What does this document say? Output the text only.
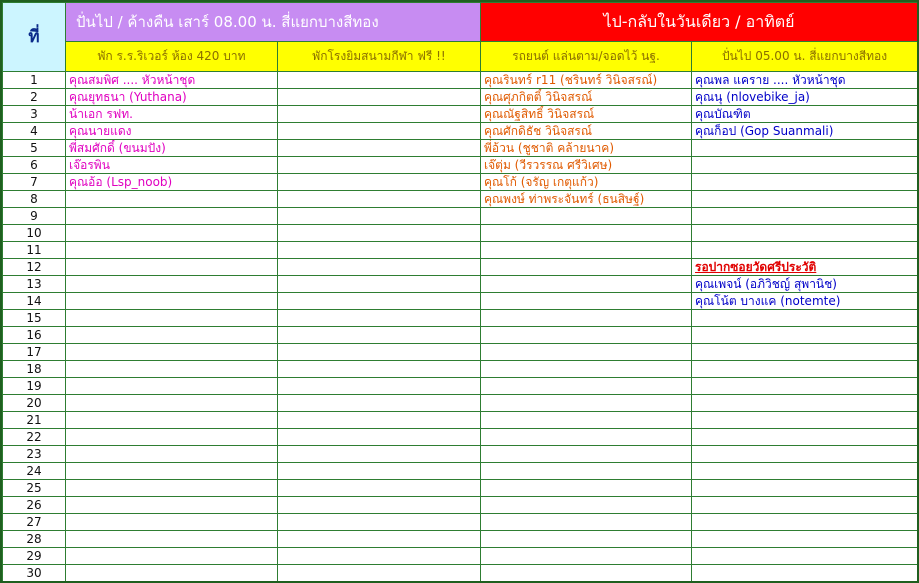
ที่	ปั่นไป / ค้างคืน เสาร์ 08.00 น. สี่แยกบางสีทอง		ไป-กลับในวันเดียว / อาทิตย์	
	พัก ร.ร.ริเวอร์ ห้อง 420 บาท	พักโรงยิมสนามกีฬา ฟรี !!	รถยนต์ แล่นตาม/จอดไว้ นฐ.	ปั่นไป 05.00 น. สี่แยกบางสีทอง
1	คุณสมพิศ .... หัวหน้าชุด		คุณรินทร์ r11 (ชรินทร์ วินิจสรณ์)	คุณพล แคราย .... หัวหน้าชุด
2	คุณยุทธนา (Yuthana)		คุณศุภกิตติ์ วินิจสรณ์	คุณนุ (nlovebike_ja)
3	น้าเอก รฟท.		คุณณัฐสิทธิ์ วินิจสรณ์	คุณบัณฑิต
4	คุณนายแดง		คุณศักดิธัช วินิจสรณ์	คุณก็อป (Gop Suanmali)
5	พี่สมศักดิ์ (ขนมปัง)		พี่อ้วน (ชูชาติ คล้ายนาค)	
6	เจ๊อรพิน		เจ๊ตุ่ม (วีรวรรณ ศรีวิเศษ)	
7	คุณอ้อ (Lsp_noob)		คุณโก้ (จรัญ เกตุแก้ว)	
8			คุณพงษ์ ท่าพระจันทร์ (ธนสิษฐ์)	
9				
10				
11				
12				รอปากซอยวัดศรีประวัติ
13				คุณเพจน์ (อภิวิชญ์ สุพานิช)
14				คุณโน้ต บางแค (notemte)
15				
16				
17				
18				
19				
20				
21				
22				
23				
24				
25				
26				
27				
28				
29				
30				
